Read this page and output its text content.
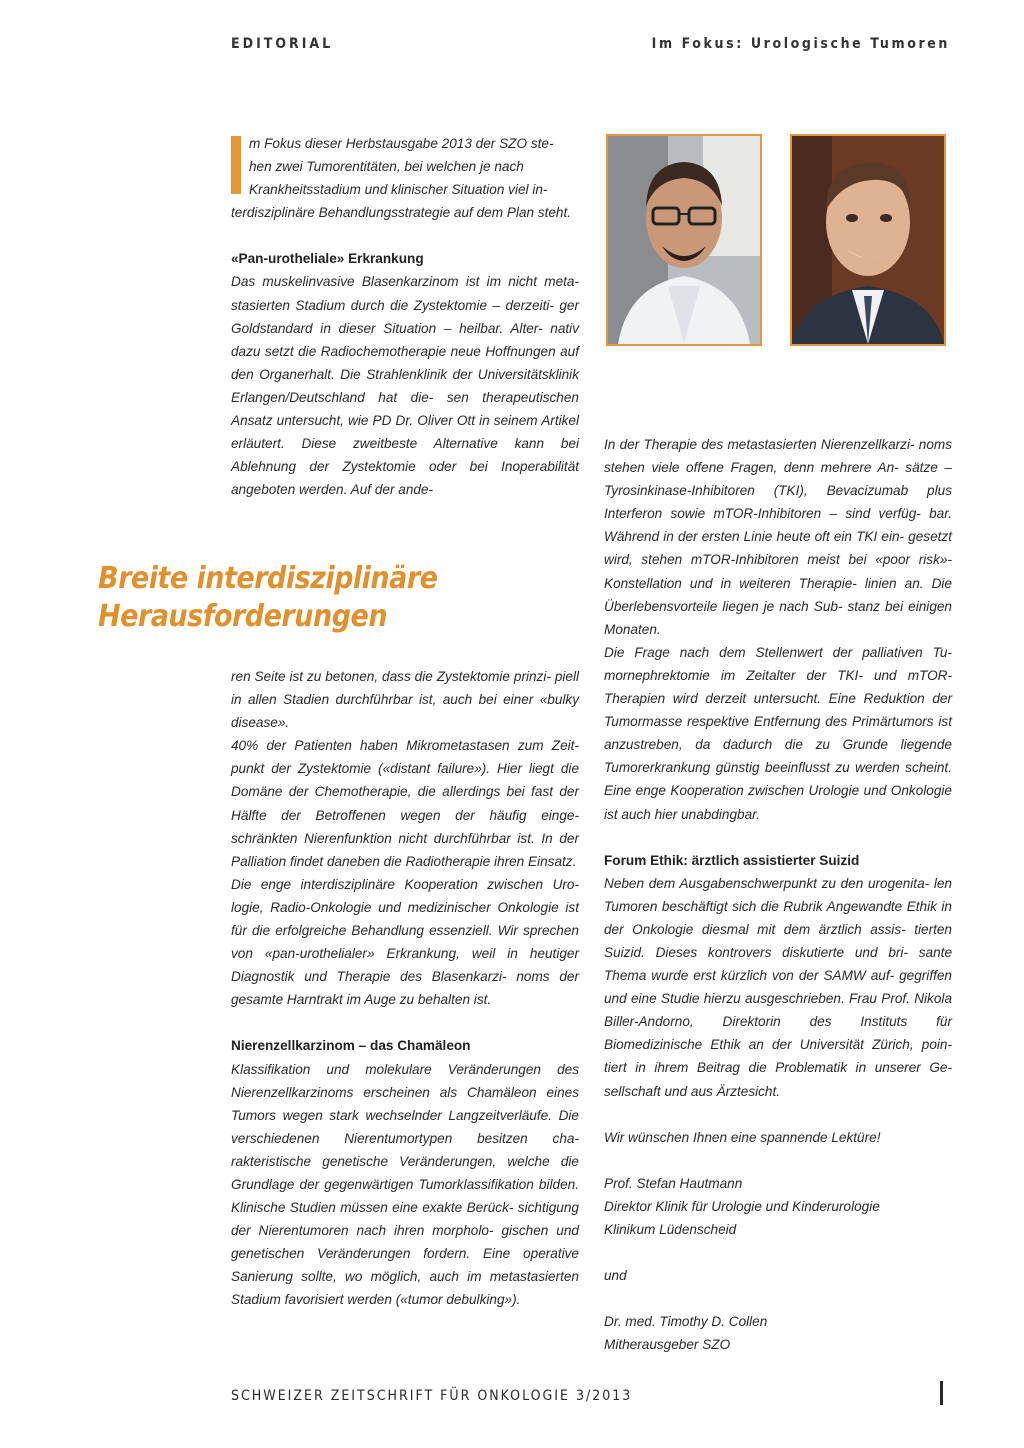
EDITORIAL	Im Fokus: Urologische Tumoren
m Fokus dieser Herbstausgabe 2013 der SZO ste-
hen zwei Tumorentitäten, bei welchen je nach
Krankheitsstadium und klinischer Situation viel in-

terdisziplinäre Behandlungsstrategie auf dem Plan steht.

«Pan-urotheliale» Erkrankung

Das muskelinvasive Blasenkarzinom ist im nicht meta- stasierten Stadium durch die Zystektomie – derzeiti- ger Goldstandard in dieser Situation – heilbar. Alter- nativ dazu setzt die Radiochemotherapie neue Hoffnungen auf den Organerhalt. Die Strahlenklinik der Universitätsklinik Erlangen/Deutschland hat die- sen therapeutischen Ansatz untersucht, wie PD Dr. Oliver Ott in seinem Artikel erläutert. Diese zweitbeste Alternative kann bei Ablehnung der Zystektomie oder bei Inoperabilität angeboten werden. Auf der ande-

Breite interdisziplinäre
Herausforderungen

ren Seite ist zu betonen, dass die Zystektomie prinzi- piell in allen Stadien durchführbar ist, auch bei einer «bulky disease».

40% der Patienten haben Mikrometastasen zum Zeit- punkt der Zystektomie («distant failure»). Hier liegt die Domäne der Chemotherapie, die allerdings bei fast der Hälfte der Betroffenen wegen der häufig einge- schränkten Nierenfunktion nicht durchführbar ist. In der Palliation findet daneben die Radiotherapie ihren Einsatz.

Die enge interdisziplinäre Kooperation zwischen Uro- logie, Radio-Onkologie und medizinischer Onkologie ist für die erfolgreiche Behandlung essenziell. Wir sprechen von «pan-urothelialer» Erkrankung, weil in heutiger Diagnostik und Therapie des Blasenkarzi- noms der gesamte Harntrakt im Auge zu behalten ist.

Nierenzellkarzinom – das Chamäleon

Klassifikation und molekulare Veränderungen des Nierenzellkarzinoms erscheinen als Chamäleon eines Tumors wegen stark wechselnder Langzeitverläufe. Die verschiedenen Nierentumortypen besitzen cha- rakteristische genetische Veränderungen, welche die Grundlage der gegenwärtigen Tumorklassifikation bilden. Klinische Studien müssen eine exakte Berück- sichtigung der Nierentumoren nach ihren morpholo- gischen und genetischen Veränderungen fordern. Eine operative Sanierung sollte, wo möglich, auch im metastasierten Stadium favorisiert werden («tumor debulking»).

In der Therapie des metastasierten Nierenzellkarzi- noms stehen viele offene Fragen, denn mehrere An- sätze – Tyrosinkinase-Inhibitoren (TKI), Bevacizumab plus Interferon sowie mTOR-Inhibitoren – sind verfüg- bar. Während in der ersten Linie heute oft ein TKI ein- gesetzt wird, stehen mTOR-Inhibitoren meist bei «poor risk»-Konstellation und in weiteren Therapie- linien an. Die Überlebensvorteile liegen je nach Sub- stanz bei einigen Monaten.

Die Frage nach dem Stellenwert der palliativen Tu- mornephrektomie im Zeitalter der TKI- und mTOR- Therapien wird derzeit untersucht. Eine Reduktion der Tumormasse respektive Entfernung des Primärtumors ist anzustreben, da dadurch die zu Grunde liegende Tumorerkrankung günstig beeinflusst zu werden scheint. Eine enge Kooperation zwischen Urologie und Onkologie ist auch hier unabdingbar.

Forum Ethik: ärztlich assistierter Suizid

Neben dem Ausgabenschwerpunkt zu den urogenita- len Tumoren beschäftigt sich die Rubrik Angewandte Ethik in der Onkologie diesmal mit dem ärztlich assis- tierten Suizid. Dieses kontrovers diskutierte und bri- sante Thema wurde erst kürzlich von der SAMW auf- gegriffen und eine Studie hierzu ausgeschrieben. Frau Prof. Nikola Biller-Andorno, Direktorin des Instituts für Biomedizinische Ethik an der Universität Zürich, poin- tiert in ihrem Beitrag die Problematik in unserer Ge- sellschaft und aus Ärztesicht.

Wir wünschen Ihnen eine spannende Lektüre!

Prof. Stefan Hautmann

Direktor Klinik für Urologie und Kinderurologie

Klinikum Lüdenscheid

und

Dr. med. Timothy D. Collen

Mitherausgeber SZO

SCHWEIZER ZEITSCHRIFT FÜR ONKOLOGIE 3/2013
